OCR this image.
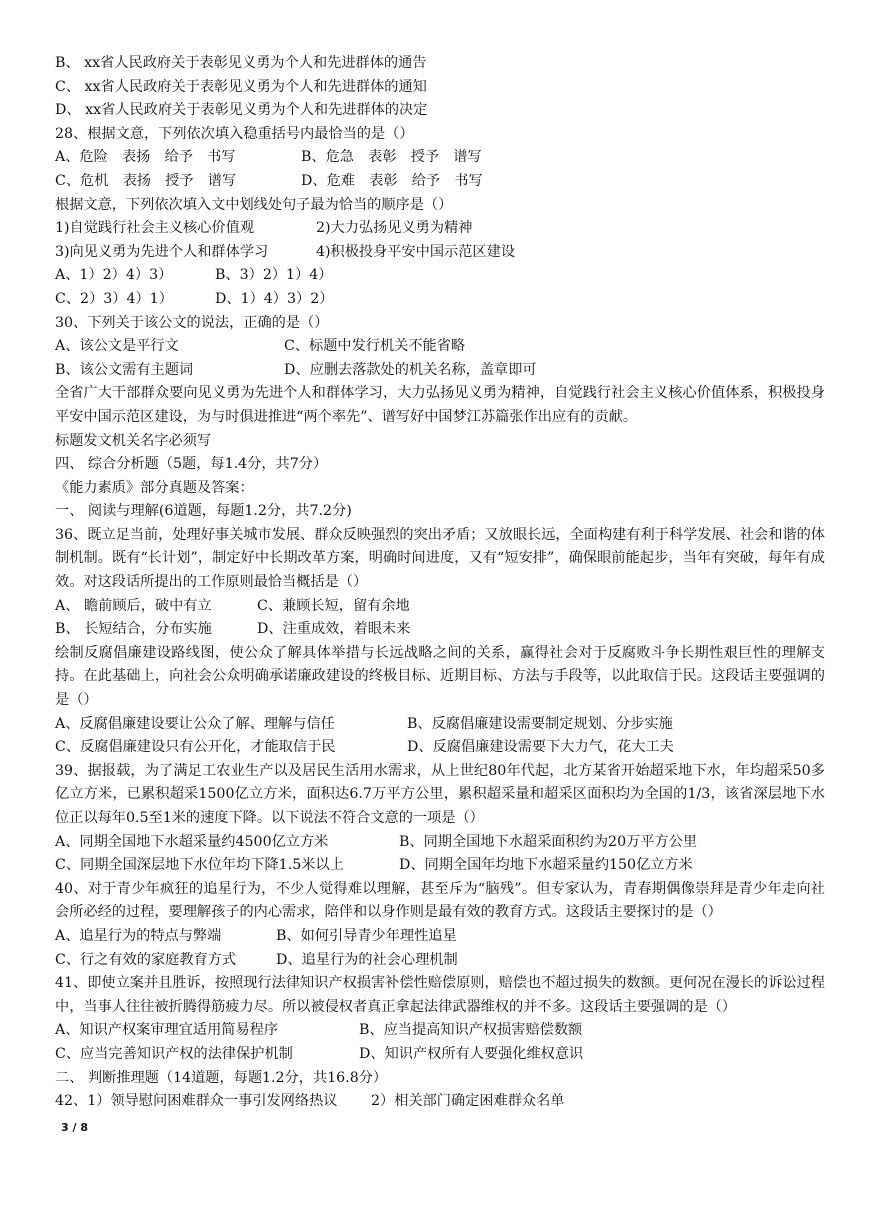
B、 xx省人民政府关于表彰见义勇为个人和先进群体的通告
C、 xx省人民政府关于表彰见义勇为个人和先进群体的通知
D、 xx省人民政府关于表彰见义勇为个人和先进群体的决定
28、根据文意，下列依次填入稳重括号内最恰当的是（）
A、危险　表扬　给予　书写	B、危急　表彰　授予　谱写
C、危机　表扬　授予　谱写	D、危难　表彰　给予　书写
根据文意，下列依次填入文中划线处句子最为恰当的顺序是（）
1)自觉践行社会主义核心价值观	2)大力弘扬见义勇为精神
3)向见义勇为先进个人和群体学习	4)积极投身平安中国示范区建设
A、1）2）4）3）	B、3）2）1）4）
C、2）3）4）1）	D、1）4）3）2）
30、下列关于该公文的说法，正确的是（）
A、该公文是平行文	C、标题中发行机关不能省略
B、该公文需有主题词	D、应删去落款处的机关名称，盖章即可
全省广大干部群众要向见义勇为先进个人和群体学习，大力弘扬见义勇为精神，自觉践行社会主义核心价值体系，积极投身平安中国示范区建设，为与时俱进推进“两个率先”、谱写好中国梦江苏篇张作出应有的贡献。
标题发文机关名字必须写
四、 综合分析题（5题，每1.4分，共7分）
《能力素质》部分真题及答案：
一、 阅读与理解(6道题，每题1.2分，共7.2分)
36、既立足当前，处理好事关城市发展、群众反映强烈的突出矛盾；又放眼长远，全面构建有利于科学发展、社会和谐的体制机制。既有“长计划”，制定好中长期改革方案，明确时间进度，又有“短安排”，确保眼前能起步，当年有突破，每年有成效。对这段话所提出的工作原则最恰当概括是（）
A、 瞻前顾后，破中有立	C、兼顾长短，留有余地
B、 长短结合，分布实施	D、注重成效，着眼未来
绘制反腐倡廉建设路线图，使公众了解具体举措与长远战略之间的关系，赢得社会对于反腐败斗争长期性艰巨性的理解支持。在此基础上，向社会公众明确承诺廉政建设的终极目标、近期目标、方法与手段等，以此取信于民。这段话主要强调的是（）
A、反腐倡廉建设要让公众了解、理解与信任	B、反腐倡廉建设需要制定规划、分步实施
C、反腐倡廉建设只有公开化，才能取信于民	D、反腐倡廉建设需要下大力气，花大工夫
39、据报载，为了满足工农业生产以及居民生活用水需求，从上世纪80年代起，北方某省开始超采地下水，年均超采50多亿立方米，已累积超采1500亿立方米，面积达6.7万平方公里，累积超采量和超采区面积均为全国的1/3，该省深层地下水位正以每年0.5至1米的速度下降。以下说法不符合文意的一项是（）
A、同期全国地下水超采量约4500亿立方米	B、同期全国地下水超采面积约为20万平方公里
C、同期全国深层地下水位年均下降1.5米以上	D、同期全国年均地下水超采量约150亿立方米
40、对于青少年疯狂的追星行为，不少人觉得难以理解，甚至斥为“脑残”。但专家认为，青春期偶像崇拜是青少年走向社会所必经的过程，要理解孩子的内心需求，陪伴和以身作则是最有效的教育方式。这段话主要探讨的是（）
A、追星行为的特点与弊端	B、如何引导青少年理性追星
C、行之有效的家庭教育方式	D、追星行为的社会心理机制
41、即使立案并且胜诉，按照现行法律知识产权损害补偿性赔偿原则，赔偿也不超过损失的数额。更何况在漫长的诉讼过程中，当事人往往被折腾得筋疲力尽。所以被侵权者真正拿起法律武器维权的并不多。这段话主要强调的是（）
A、知识产权案审理宜适用简易程序	B、应当提高知识产权损害赔偿数额
C、应当完善知识产权的法律保护机制	D、知识产权所有人要强化维权意识
二、 判断推理题（14道题，每题1.2分，共16.8分）
42、1）领导慰问困难群众一事引发网络热议	2）相关部门确定困难群众名单
3 / 8
